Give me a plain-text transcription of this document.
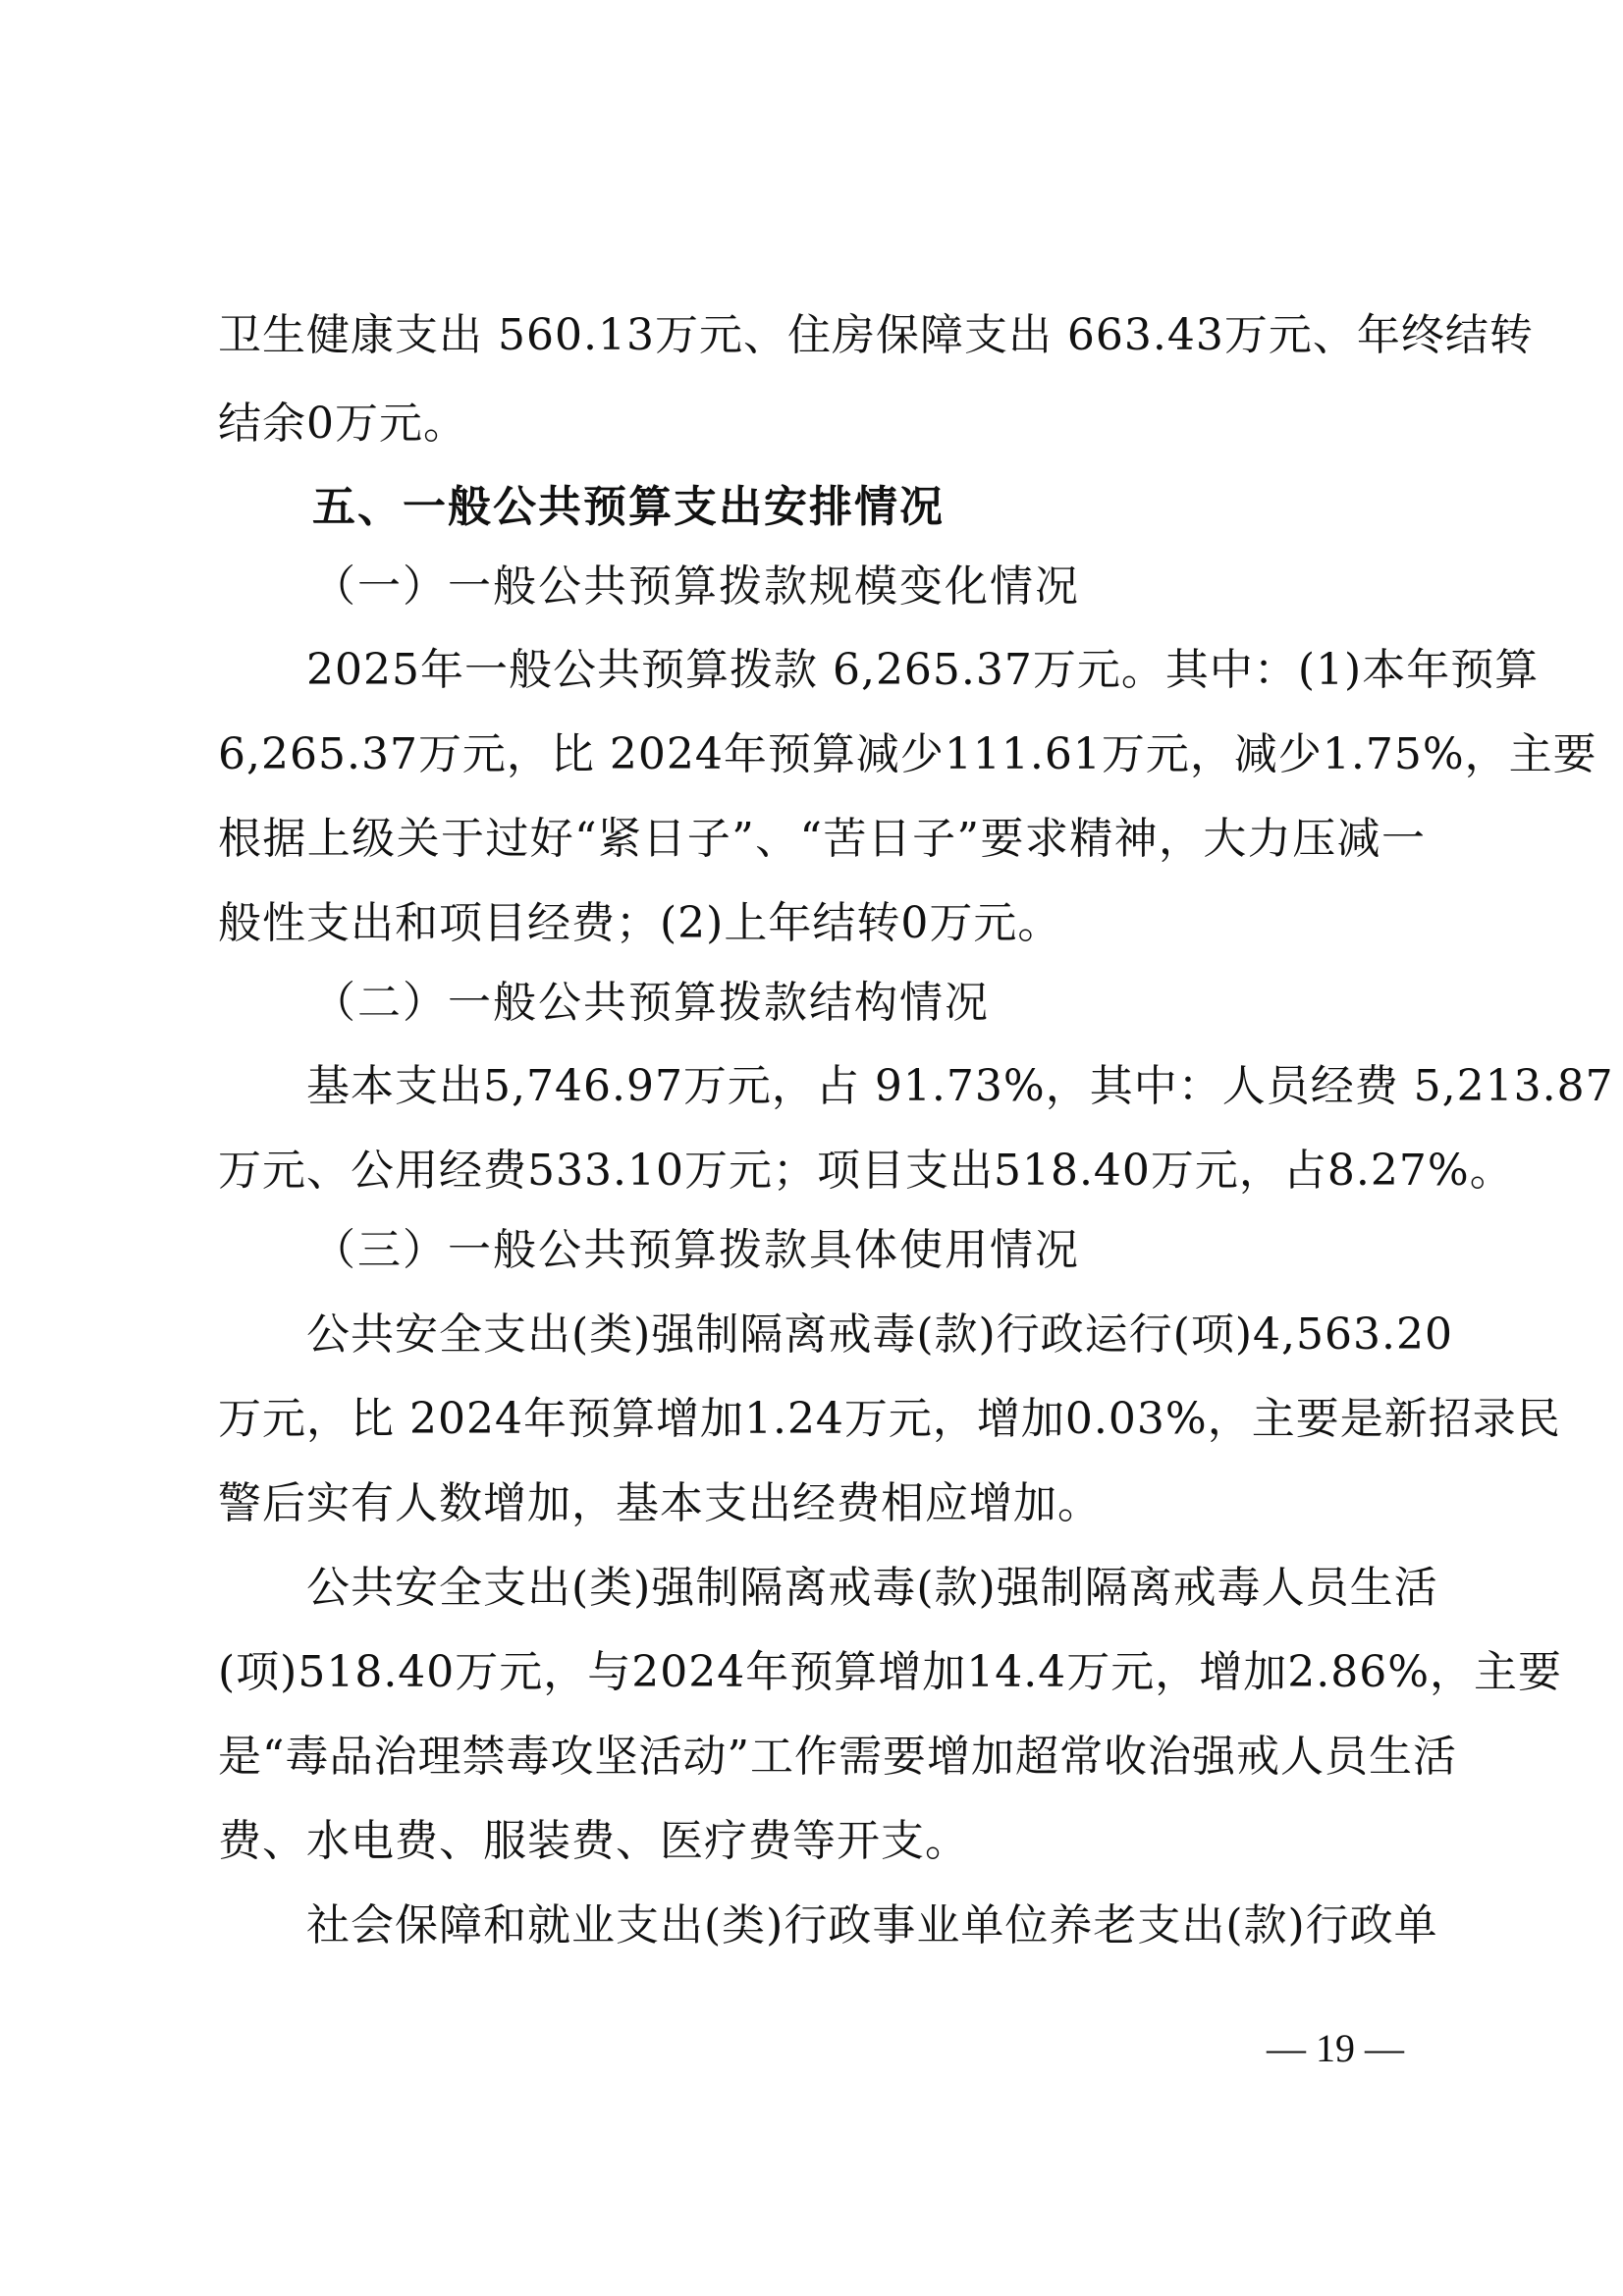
卫生健康支出 560.13万元、住房保障支出 663.43万元、年终结转
结余0万元。
五、一般公共预算支出安排情况
（一）一般公共预算拨款规模变化情况
2025年一般公共预算拨款 6,265.37万元。其中：(1)本年预算
6,265.37万元，比 2024年预算减少111.61万元，减少1.75%，主要
根据上级关于过好“紧日子”、“苦日子”要求精神，大力压减一
般性支出和项目经费；(2)上年结转0万元。
（二）一般公共预算拨款结构情况
基本支出5,746.97万元，占 91.73%，其中：人员经费 5,213.87
万元、公用经费533.10万元；项目支出518.40万元，占8.27%。
（三）一般公共预算拨款具体使用情况
公共安全支出(类)强制隔离戒毒(款)行政运行(项)4,563.20
万元，比 2024年预算增加1.24万元，增加0.03%，主要是新招录民
警后实有人数增加，基本支出经费相应增加。
公共安全支出(类)强制隔离戒毒(款)强制隔离戒毒人员生活
(项)518.40万元，与2024年预算增加14.4万元，增加2.86%，主要
是“毒品治理禁毒攻坚活动”工作需要增加超常收治强戒人员生活
费、水电费、服装费、医疗费等开支。
社会保障和就业支出(类)行政事业单位养老支出(款)行政单
— 19 —
